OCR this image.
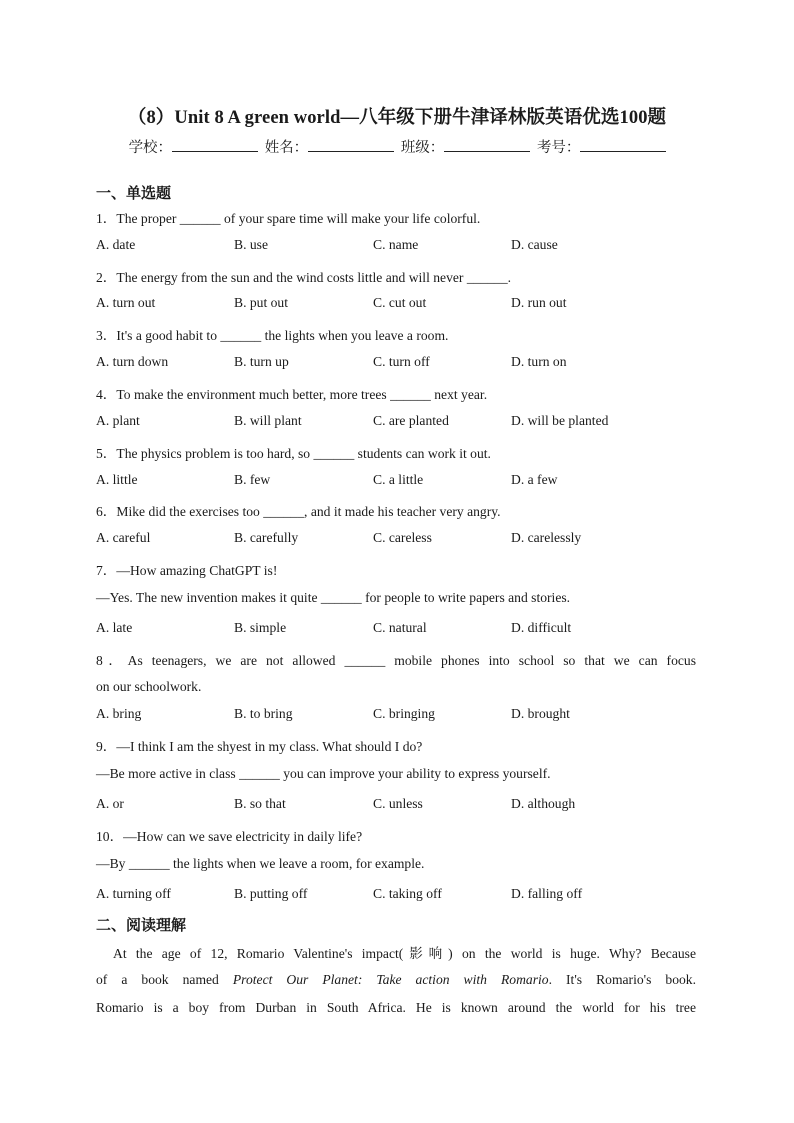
（8）Unit 8 A green world—八年级下册牛津译林版英语优选100题
学校：	姓名：	班级：	考号：
一、单选题
1．The proper ______ of your spare time will make your life colorful.
A. date	B. use	C. name	D. cause
2．The energy from the sun and the wind costs little and will never ______.
A. turn out	B. put out	C. cut out	D. run out
3．It's a good habit to ______ the lights when you leave a room.
A. turn down	B. turn up	C. turn off	D. turn on
4．To make the environment much better, more trees ______ next year.
A. plant	B. will plant	C. are planted	D. will be planted
5．The physics problem is too hard, so ______ students can work it out.
A. little	B. few	C. a little	D. a few
6．Mike did the exercises too ______, and it made his teacher very angry.
A. careful	B. carefully	C. careless	D. carelessly
7．—How amazing ChatGPT is!
—Yes. The new invention makes it quite ______ for people to write papers and stories.
A. late	B. simple	C. natural	D. difficult
8．As teenagers, we are not allowed ______ mobile phones into school so that we can focus
on our schoolwork.
A. bring	B. to bring	C. bringing	D. brought
9．—I think I am the shyest in my class. What should I do?
—Be more active in class ______ you can improve your ability to express yourself.
A. or	B. so that	C. unless	D. although
10．—How can we save electricity in daily life?
—By ______ the lights when we leave a room, for example.
A. turning off	B. putting off	C. taking off	D. falling off
二、阅读理解
At the age of 12, Romario Valentine's impact(影响) on the world is huge. Why? Because
of a book named Protect Our Planet: Take action with Romario. It's Romario's book.
Romario is a boy from Durban in South Africa. He is known around the world for his tree
